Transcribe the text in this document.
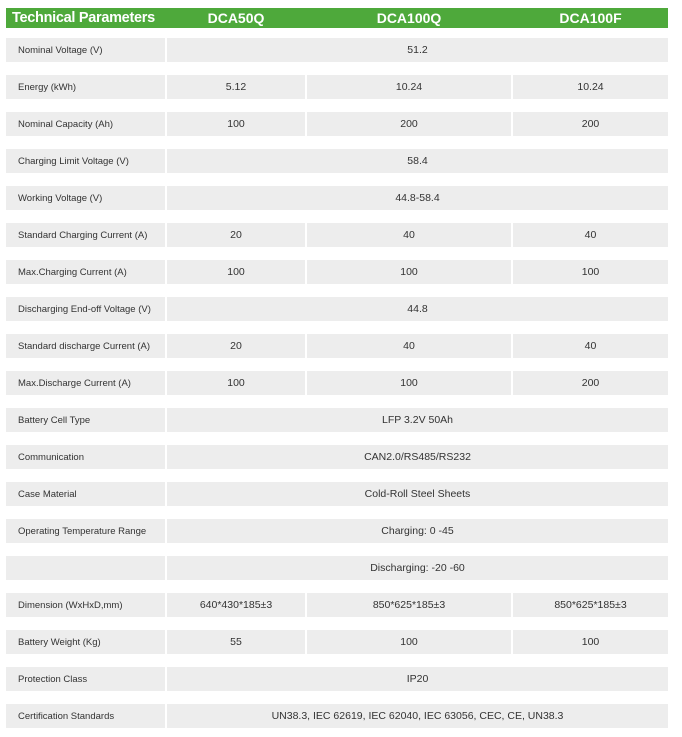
Technical Parameters	DCA50Q	DCA100Q	DCA100F
Nominal Voltage (V)	51.2
Energy (kWh)	5.12	10.24	10.24
Nominal Capacity (Ah)	100	200	200
Charging Limit Voltage (V)	58.4
Working Voltage (V)	44.8-58.4
Standard Charging Current (A)	20	40	40
Max.Charging Current (A)	100	100	100
Discharging End-off Voltage (V)	44.8
Standard discharge Current (A)	20	40	40
Max.Discharge Current (A)	100	100	200
Battery Cell Type	LFP 3.2V 50Ah
Communication	CAN2.0/RS485/RS232
Case Material	Cold-Roll Steel Sheets
Operating Temperature Range	Charging: 0 -45
Discharging: -20 -60
Dimension (WxHxD,mm)	640*430*185±3	850*625*185±3	850*625*185±3
Battery Weight (Kg)	55	100	100
Protection Class	IP20
Certification Standards	UN38.3, IEC 62619, IEC 62040, IEC 63056, CEC, CE, UN38.3
